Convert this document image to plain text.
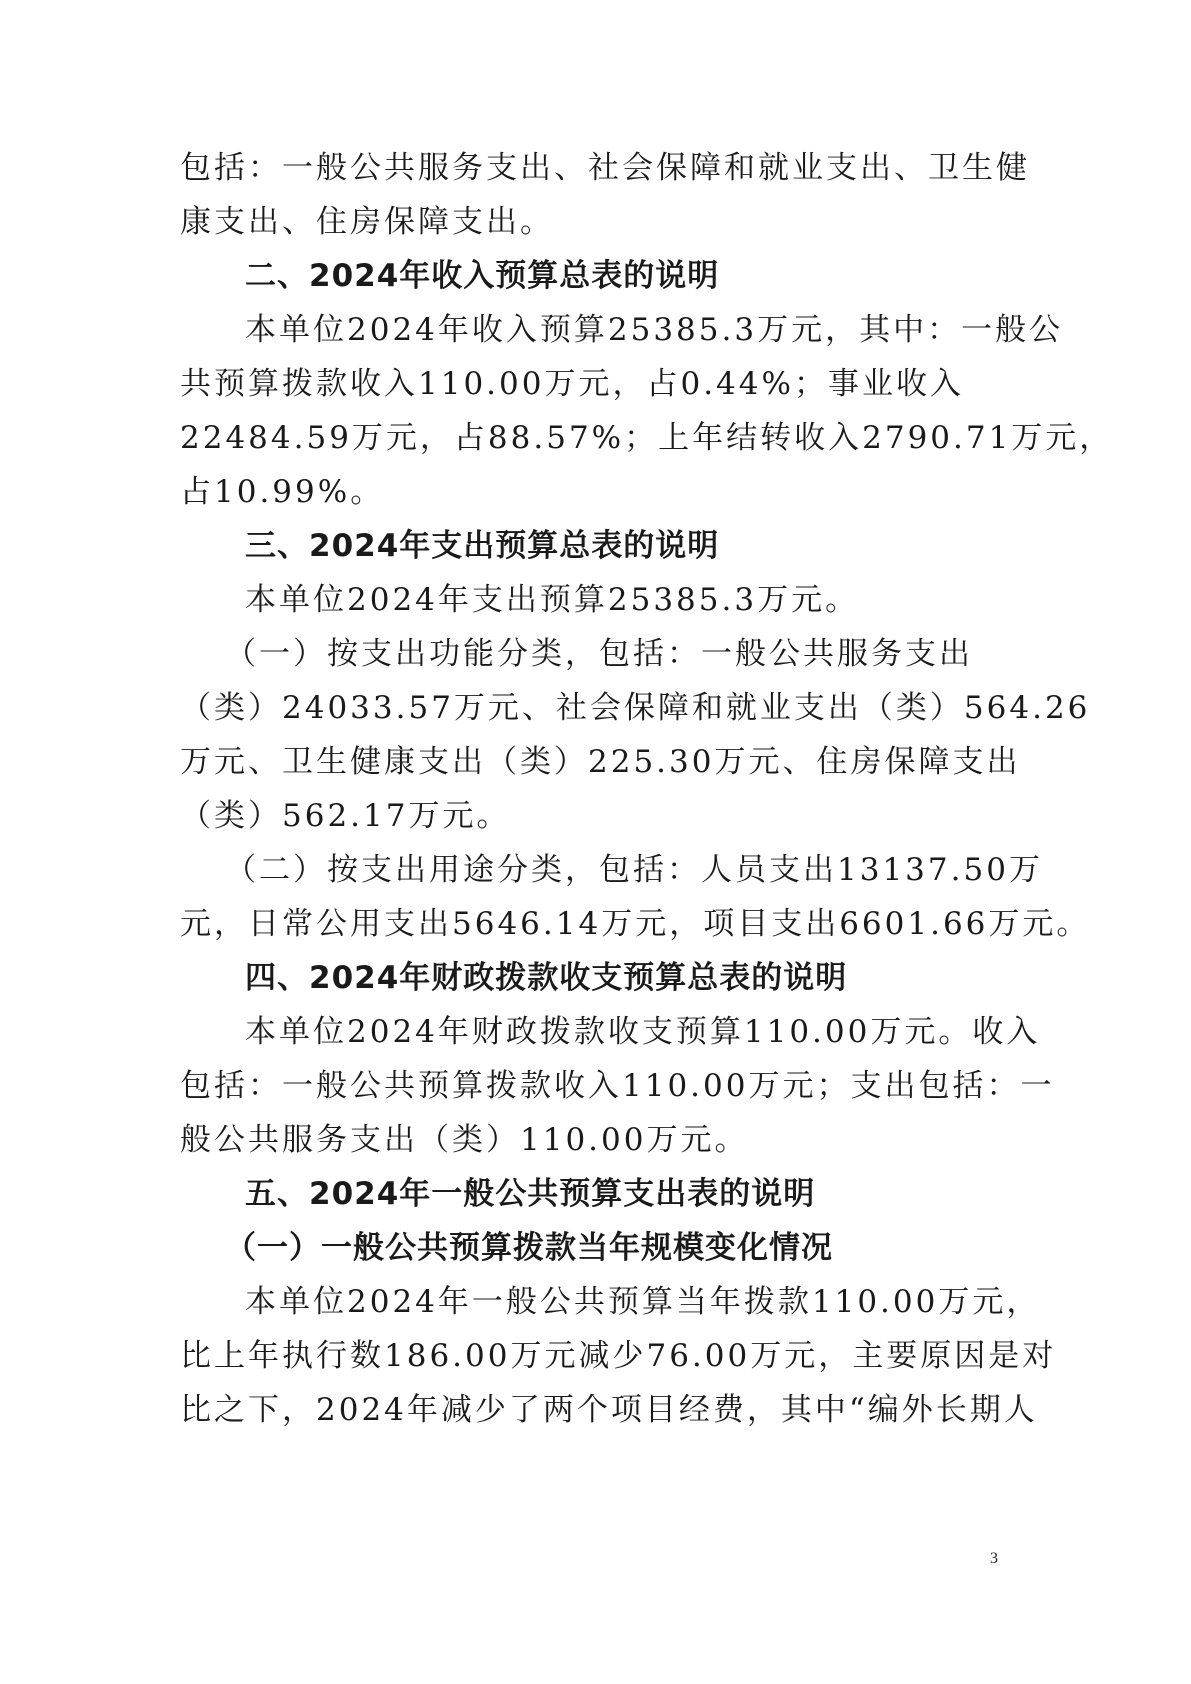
包括：一般公共服务支出、社会保障和就业支出、卫生健
康支出、住房保障支出。
二、2024年收入预算总表的说明
本单位2024年收入预算25385.3万元，其中：一般公
共预算拨款收入110.00万元，占0.44%；事业收入
22484.59万元，占88.57%；上年结转收入2790.71万元，
占10.99%。
三、2024年支出预算总表的说明
本单位2024年支出预算25385.3万元。
（一）按支出功能分类，包括：一般公共服务支出
（类）24033.57万元、社会保障和就业支出（类）564.26
万元、卫生健康支出（类）225.30万元、住房保障支出
（类）562.17万元。
（二）按支出用途分类，包括：人员支出13137.50万
元，日常公用支出5646.14万元，项目支出6601.66万元。
四、2024年财政拨款收支预算总表的说明
本单位2024年财政拨款收支预算110.00万元。收入
包括：一般公共预算拨款收入110.00万元；支出包括：一
般公共服务支出（类）110.00万元。
五、2024年一般公共预算支出表的说明
（一）一般公共预算拨款当年规模变化情况
本单位2024年一般公共预算当年拨款110.00万元，
比上年执行数186.00万元减少76.00万元，主要原因是对
比之下，2024年减少了两个项目经费，其中“编外长期人
3
